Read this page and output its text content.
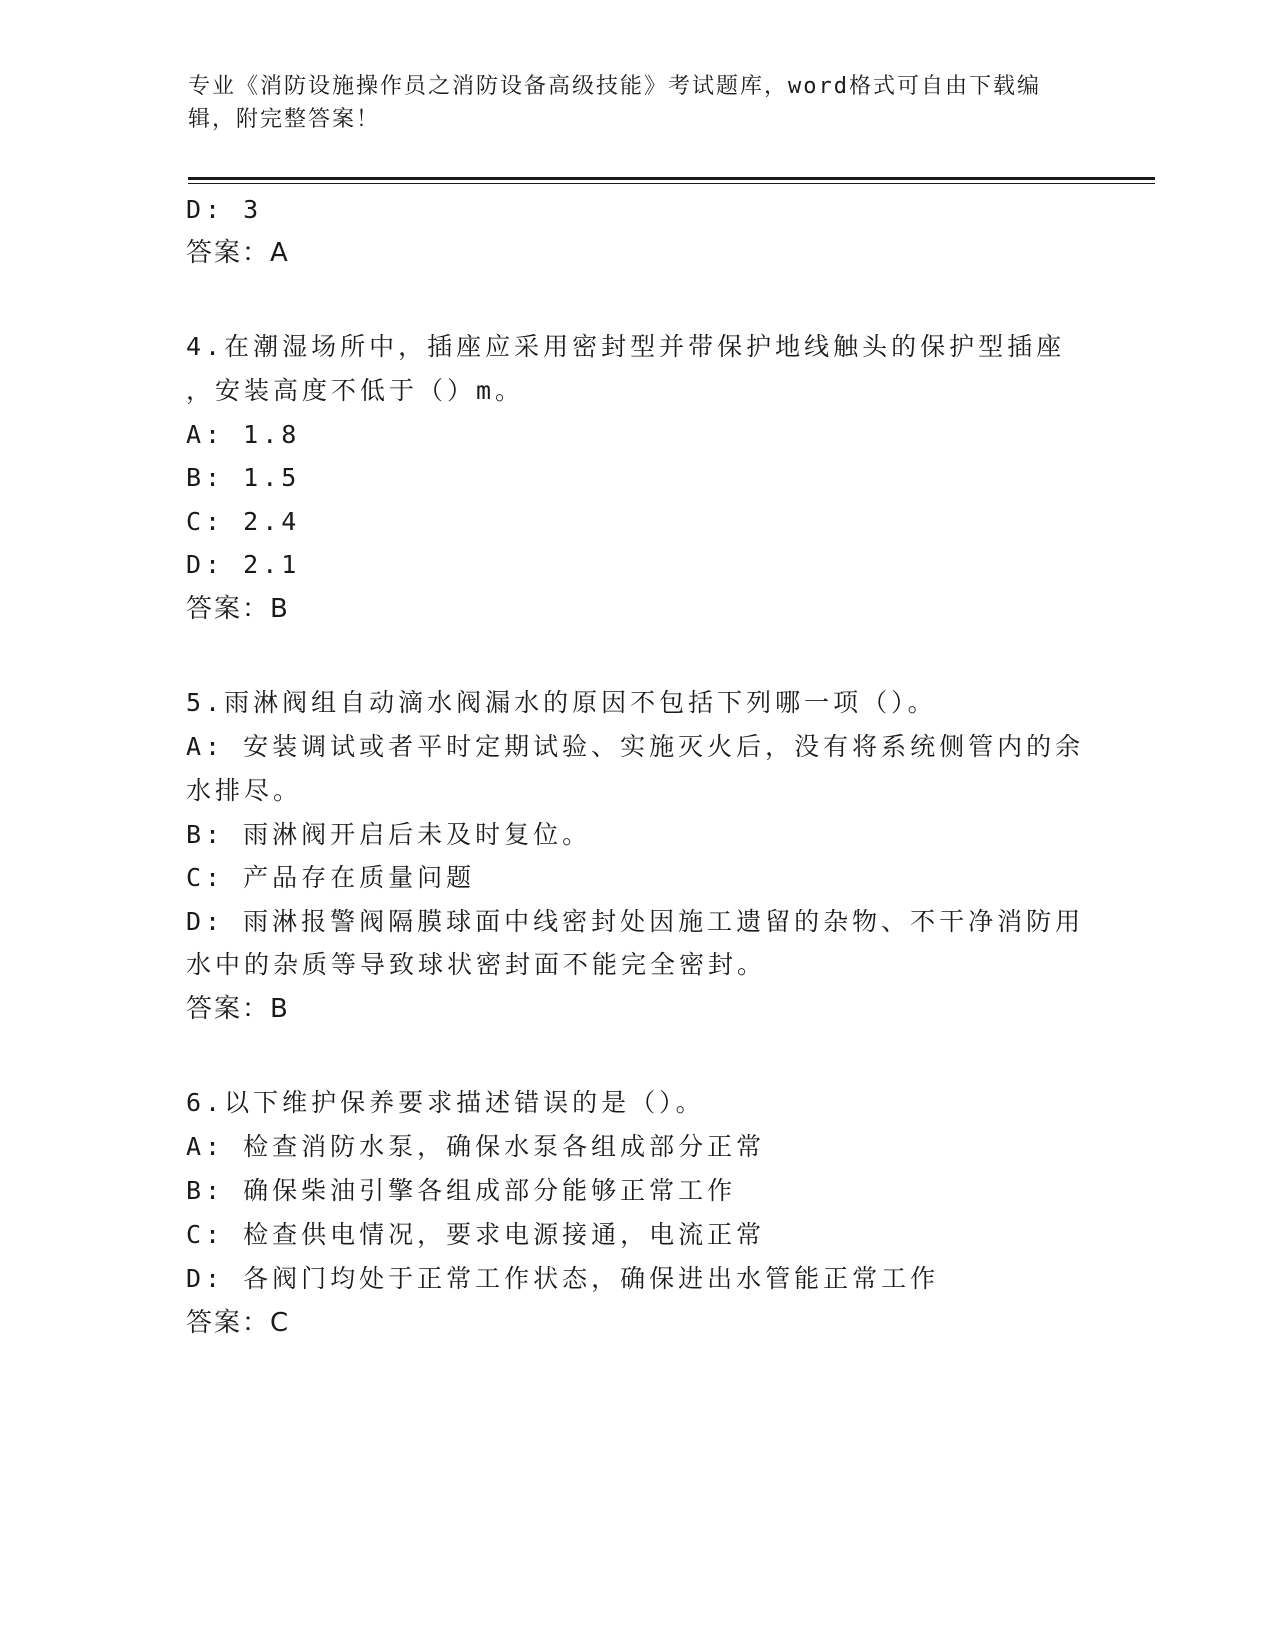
专业《消防设施操作员之消防设备高级技能》考试题库，word格式可自由下载编辑，附完整答案！

D: 3

答案：A

4.在潮湿场所中，插座应采用密封型并带保护地线触头的保护型插座

，安装高度不低于（）m。

A: 1.8

B: 1.5

C: 2.4

D: 2.1

答案：B

5.雨淋阀组自动滴水阀漏水的原因不包括下列哪一项（）。

A: 安装调试或者平时定期试验、实施灭火后，没有将系统侧管内的余

水排尽。

B: 雨淋阀开启后未及时复位。

C: 产品存在质量问题

D: 雨淋报警阀隔膜球面中线密封处因施工遗留的杂物、不干净消防用

水中的杂质等导致球状密封面不能完全密封。

答案：B

6.以下维护保养要求描述错误的是（）。

A: 检查消防水泵，确保水泵各组成部分正常

B: 确保柴油引擎各组成部分能够正常工作

C: 检查供电情况，要求电源接通，电流正常

D: 各阀门均处于正常工作状态，确保进出水管能正常工作

答案：C
